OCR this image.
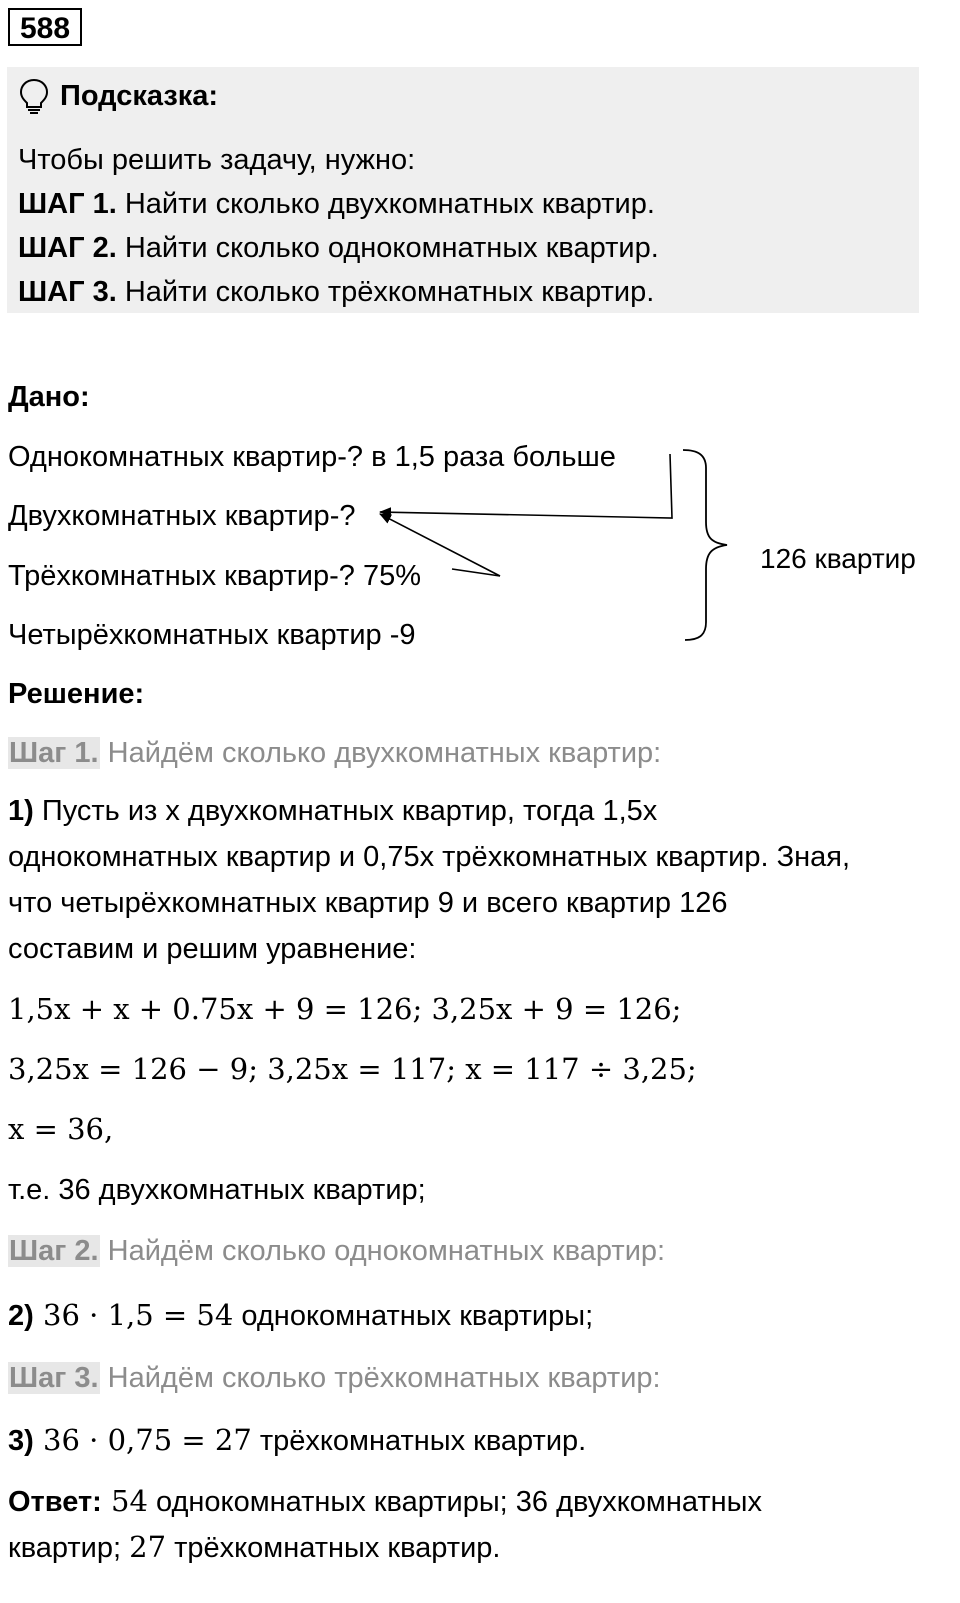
588
Подсказка:
Чтобы решить задачу, нужно:
ШАГ 1. Найти сколько двухкомнатных квартир.
ШАГ 2. Найти сколько однокомнатных квартир.
ШАГ 3. Найти сколько трёхкомнатных квартир.
Дано:
Однокомнатных квартир-? в 1,5 раза больше
Двухкомнатных квартир-?
Трёхкомнатных квартир-? 75%
Четырёхкомнатных квартир -9
126 квартир
Решение:
Шаг 1. Найдём сколько двухкомнатных квартир:
1) Пусть из x двухкомнатных квартир, тогда 1,5x
однокомнатных квартир и 0,75x трёхкомнатных квартир. Зная,
что четырёхкомнатных квартир 9 и всего квартир 126
составим и решим уравнение:
1,5x + x + 0.75x + 9 = 126; 3,25x + 9 = 126;
3,25x = 126 − 9; 3,25x = 117; x = 117 ÷ 3,25;
x = 36,
т.е. 36 двухкомнатных квартир;
Шаг 2. Найдём сколько однокомнатных квартир:
2) 36 · 1,5 = 54 однокомнатных квартиры;
Шаг 3. Найдём сколько трёхкомнатных квартир:
3) 36 · 0,75 = 27 трёхкомнатных квартир.
Ответ: 54 однокомнатных квартиры; 36 двухкомнатных
квартир; 27 трёхкомнатных квартир.
